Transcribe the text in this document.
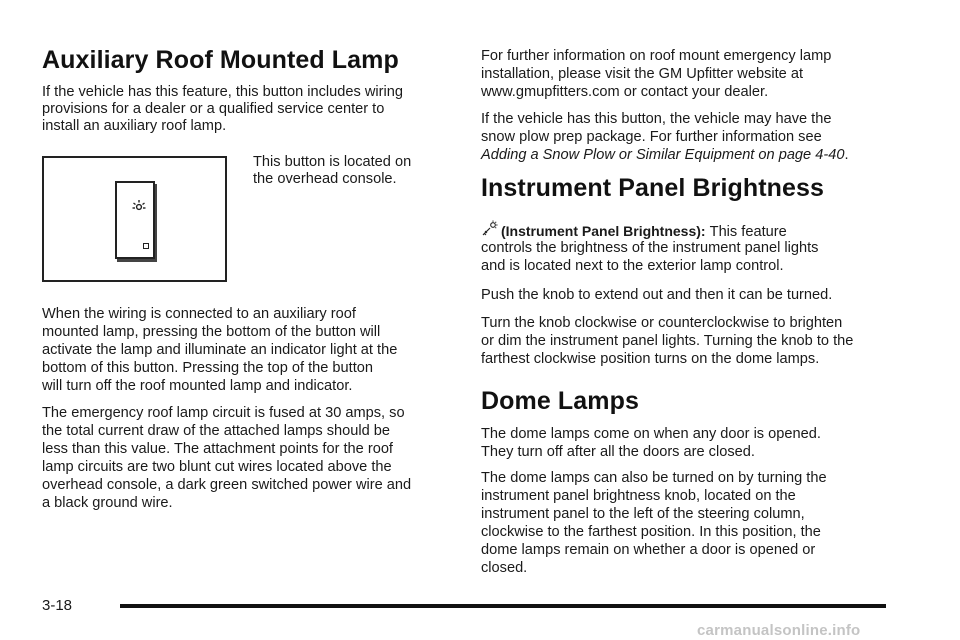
Auxiliary Roof Mounted Lamp

If the vehicle has this feature, this button includes wiring

provisions for a dealer or a qualified service center to

install an auxiliary roof lamp.

This button is located on

the overhead console.

When the wiring is connected to an auxiliary roof

mounted lamp, pressing the bottom of the button will

activate the lamp and illuminate an indicator light at the

bottom of this button. Pressing the top of the button

will turn off the roof mounted lamp and indicator.

The emergency roof lamp circuit is fused at 30 amps, so

the total current draw of the attached lamps should be

less than this value. The attachment points for the roof

lamp circuits are two blunt cut wires located above the

overhead console, a dark green switched power wire and

a black ground wire.

For further information on roof mount emergency lamp

installation, please visit the GM Upfitter website at

www.gmupfitters.com or contact your dealer.

If the vehicle has this button, the vehicle may have the

snow plow prep package. For further information see

Adding a Snow Plow or Similar Equipment on page 4-40.

Instrument Panel Brightness

(Instrument Panel Brightness): This feature

controls the brightness of the instrument panel lights

and is located next to the exterior lamp control.

Push the knob to extend out and then it can be turned.

Turn the knob clockwise or counterclockwise to brighten

or dim the instrument panel lights. Turning the knob to the

farthest clockwise position turns on the dome lamps.

Dome Lamps

The dome lamps come on when any door is opened.

They turn off after all the doors are closed.

The dome lamps can also be turned on by turning the

instrument panel brightness knob, located on the

instrument panel to the left of the steering column,

clockwise to the farthest position. In this position, the

dome lamps remain on whether a door is opened or

closed.

3-18
carmanualsonline.info
